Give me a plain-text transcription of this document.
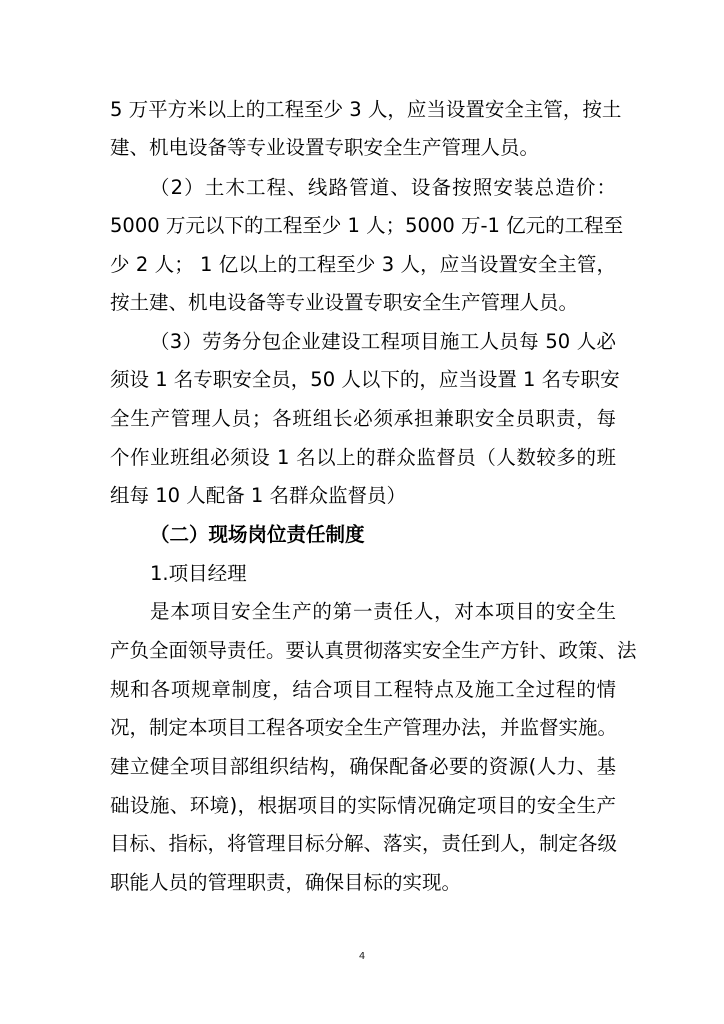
5 万平方米以上的工程至少 3 人，应当设置安全主管，按土
建、机电设备等专业设置专职安全生产管理人员。
（2）土木工程、线路管道、设备按照安装总造价：
5000 万元以下的工程至少 1 人；5000 万-1 亿元的工程至
少 2 人； 1 亿以上的工程至少 3 人，应当设置安全主管，
按土建、机电设备等专业设置专职安全生产管理人员。
（3）劳务分包企业建设工程项目施工人员每 50 人必
须设 1 名专职安全员，50 人以下的，应当设置 1 名专职安
全生产管理人员；各班组长必须承担兼职安全员职责，每
个作业班组必须设 1 名以上的群众监督员（人数较多的班
组每 10 人配备 1 名群众监督员）
（二）现场岗位责任制度
1.项目经理
是本项目安全生产的第一责任人，对本项目的安全生
产负全面领导责任。要认真贯彻落实安全生产方针、政策、法
规和各项规章制度，结合项目工程特点及施工全过程的情
况，制定本项目工程各项安全生产管理办法，并监督实施。
建立健全项目部组织结构，确保配备必要的资源(人力、基
础设施、环境)，根据项目的实际情况确定项目的安全生产
目标、指标，将管理目标分解、落实，责任到人，制定各级
职能人员的管理职责，确保目标的实现。
4
